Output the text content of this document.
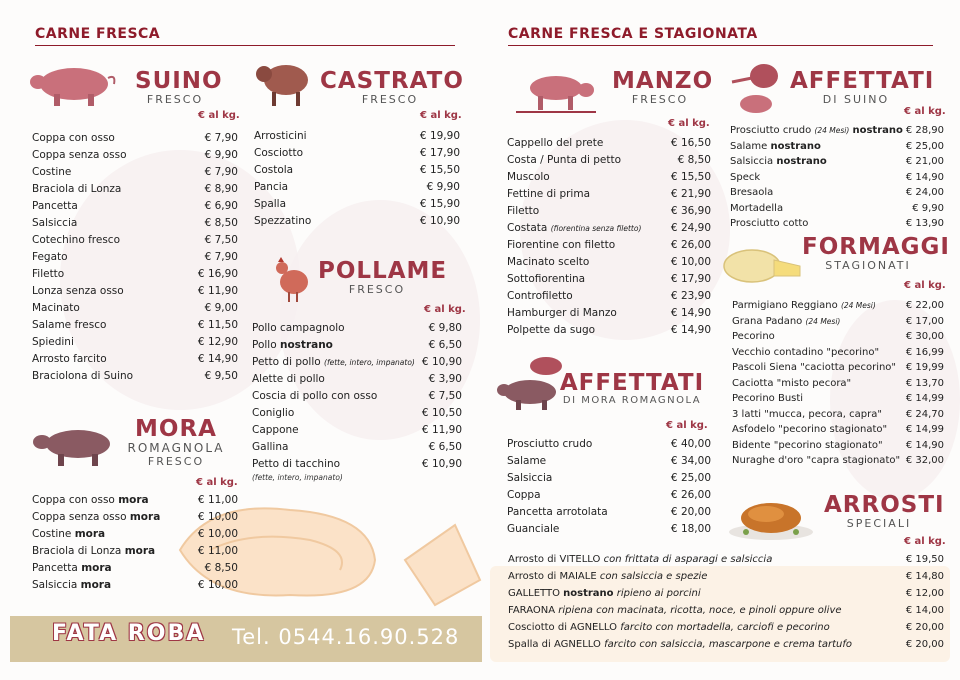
CARNE FRESCA	CARNE FRESCA E STAGIONATA
SUINO
FRESCO
€ al kg.
Coppa con osso	€ 7,90
Coppa senza osso	€ 9,90
Costine	€ 7,90
Braciola di Lonza	€ 8,90
Pancetta	€ 6,90
Salsiccia	€ 8,50
Cotechino fresco	€ 7,50
Fegato	€ 7,90
Filetto	€ 16,90
Lonza senza osso	€ 11,90
Macinato	€ 9,00
Salame fresco	€ 11,50
Spiedini	€ 12,90
Arrosto farcito	€ 14,90
Braciolona di Suino	€ 9,50
CASTRATO
FRESCO
€ al kg.
Arrosticini	€ 19,90
Cosciotto	€ 17,90
Costola	€ 15,50
Pancia	€ 9,90
Spalla	€ 15,90
Spezzatino	€ 10,90
POLLAME
FRESCO
€ al kg.
Pollo campagnolo	€ 9,80
Pollo nostrano	€ 6,50
Petto di pollo (fette, intero, impanato) € 10,90
Alette di pollo	€ 3,90
Coscia di pollo con osso	€ 7,50
Coniglio	€ 10,50
Cappone	€ 11,90
Gallina	€ 6,50
Petto di tacchino	€ 10,90
(fette, intero, impanato)
MORA
ROMAGNOLA
FRESCO
€ al kg.
Coppa con osso mora	€ 11,00
Coppa senza osso mora	€ 10,00
Costine mora	€ 10,00
Braciola di Lonza mora	€ 11,00
Pancetta mora	€ 8,50
Salsiccia mora	€ 10,00
FATA ROBA Tel. 0544.16.90.528
MANZO
FRESCO
€ al kg.
Cappello del prete	€ 16,50
Costa / Punta di petto	€ 8,50
Muscolo	€ 15,50
Fettine di prima	€ 21,90
Filetto	€ 36,90
Costata (fiorentina senza filetto)	€ 24,90
Fiorentine con filetto	€ 26,00
Macinato scelto	€ 10,00
Sottofiorentina	€ 17,90
Controfiletto	€ 23,90
Hamburger di Manzo	€ 14,90
Polpette da sugo	€ 14,90
AFFETTATI
DI SUINO
€ al kg.
Prosciutto crudo (24 Mesi) nostrano € 28,90
Salame nostrano	€ 25,00
Salsiccia nostrano	€ 21,00
Speck	€ 14,90
Bresaola	€ 24,00
Mortadella	€ 9,90
Prosciutto cotto	€ 13,90
FORMAGGI
STAGIONATI
€ al kg.
Parmigiano Reggiano (24 Mesi)	€ 22,00
Grana Padano (24 Mesi)	€ 17,00
Pecorino	€ 30,00
Vecchio contadino "pecorino"	€ 16,99
Pascoli Siena "caciotta pecorino" € 19,99
Caciotta "misto pecora"	€ 13,70
Pecorino Busti	€ 14,99
3 latti "mucca, pecora, capra" € 24,70
Asfodelo "pecorino stagionato" € 14,99
Bidente "pecorino stagionato" € 14,90
Nuraghe d'oro "capra stagionato" € 32,00
AFFETTATI
DI MORA ROMAGNOLA
€ al kg.
Prosciutto crudo	€ 40,00
Salame	€ 34,00
Salsiccia	€ 25,00
Coppa	€ 26,00
Pancetta arrotolata	€ 20,00
Guanciale	€ 18,00
ARROSTI
SPECIALI
€ al kg.
Arrosto di VITELLO con frittata di asparagi e salsiccia	€ 19,50
Arrosto di MAIALE con salsiccia e spezie	€ 14,80
GALLETTO nostrano ripieno ai porcini	€ 12,00
FARAONA ripiena con macinata, ricotta, noce, e pinoli oppure olive	€ 14,00
Cosciotto di AGNELLO farcito con mortadella, carciofi e pecorino	€ 20,00
Spalla di AGNELLO farcito con salsiccia, mascarpone e crema tartufo	€ 20,00
